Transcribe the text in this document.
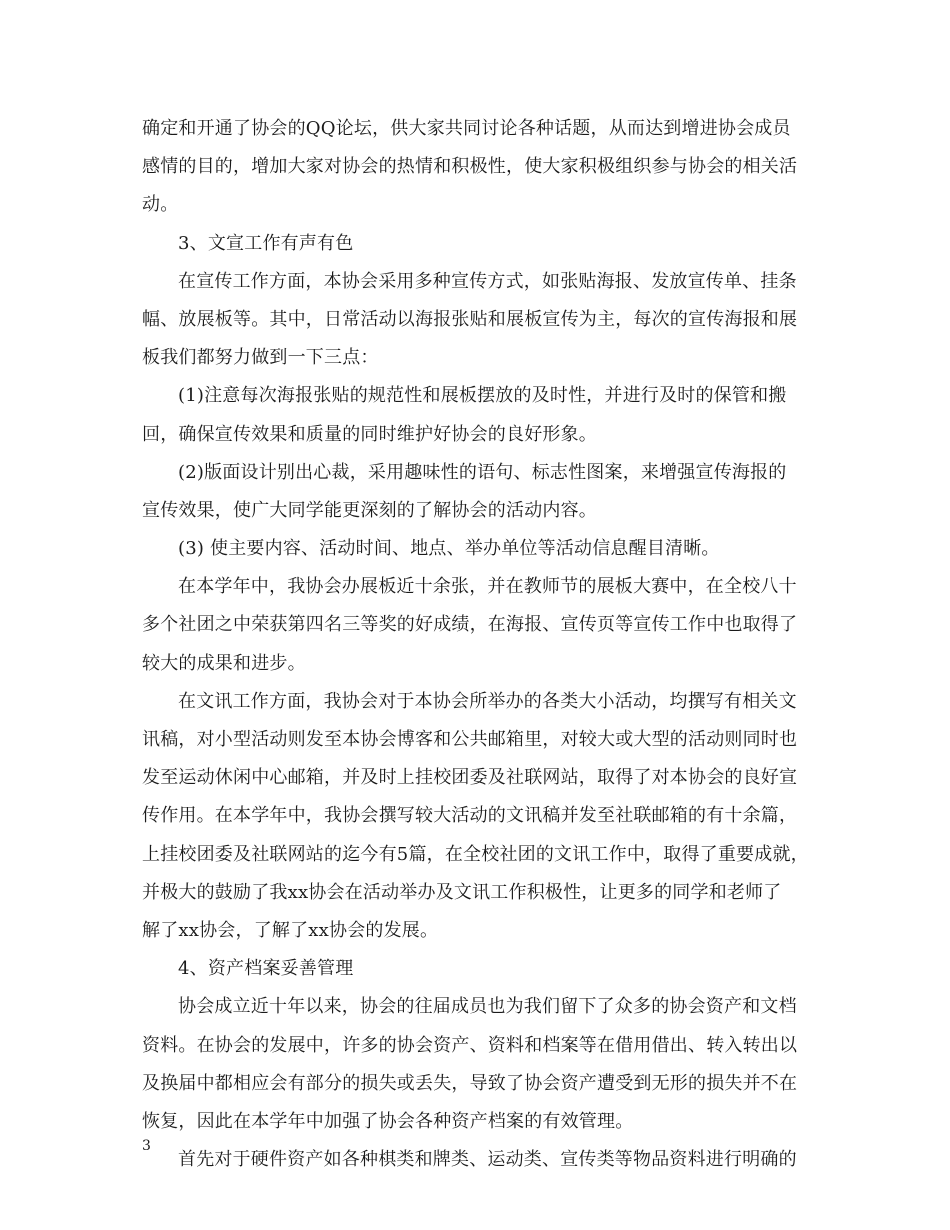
确定和开通了协会的QQ论坛，供大家共同讨论各种话题，从而达到增进协会成员
感情的目的，增加大家对协会的热情和积极性，使大家积极组织参与协会的相关活
动。
3、文宣工作有声有色
在宣传工作方面，本协会采用多种宣传方式，如张贴海报、发放宣传单、挂条
幅、放展板等。其中，日常活动以海报张贴和展板宣传为主，每次的宣传海报和展
板我们都努力做到一下三点：
(1)注意每次海报张贴的规范性和展板摆放的及时性，并进行及时的保管和搬
回，确保宣传效果和质量的同时维护好协会的良好形象。
(2)版面设计别出心裁，采用趣味性的语句、标志性图案，来增强宣传海报的
宣传效果，使广大同学能更深刻的了解协会的活动内容。
(3) 使主要内容、活动时间、地点、举办单位等活动信息醒目清晰。
在本学年中，我协会办展板近十余张，并在教师节的展板大赛中，在全校八十
多个社团之中荣获第四名三等奖的好成绩，在海报、宣传页等宣传工作中也取得了
较大的成果和进步。
在文讯工作方面，我协会对于本协会所举办的各类大小活动，均撰写有相关文
讯稿，对小型活动则发至本协会博客和公共邮箱里，对较大或大型的活动则同时也
发至运动休闲中心邮箱，并及时上挂校团委及社联网站，取得了对本协会的良好宣
传作用。在本学年中，我协会撰写较大活动的文讯稿并发至社联邮箱的有十余篇，
上挂校团委及社联网站的迄今有5篇，在全校社团的文讯工作中，取得了重要成就，
并极大的鼓励了我xx协会在活动举办及文讯工作积极性，让更多的同学和老师了
解了xx协会，了解了xx协会的发展。
4、资产档案妥善管理
协会成立近十年以来，协会的往届成员也为我们留下了众多的协会资产和文档
资料。在协会的发展中，许多的协会资产、资料和档案等在借用借出、转入转出以
及换届中都相应会有部分的损失或丢失，导致了协会资产遭受到无形的损失并不在
恢复，因此在本学年中加强了协会各种资产档案的有效管理。
首先对于硬件资产如各种棋类和牌类、运动类、宣传类等物品资料进行明确的
3
